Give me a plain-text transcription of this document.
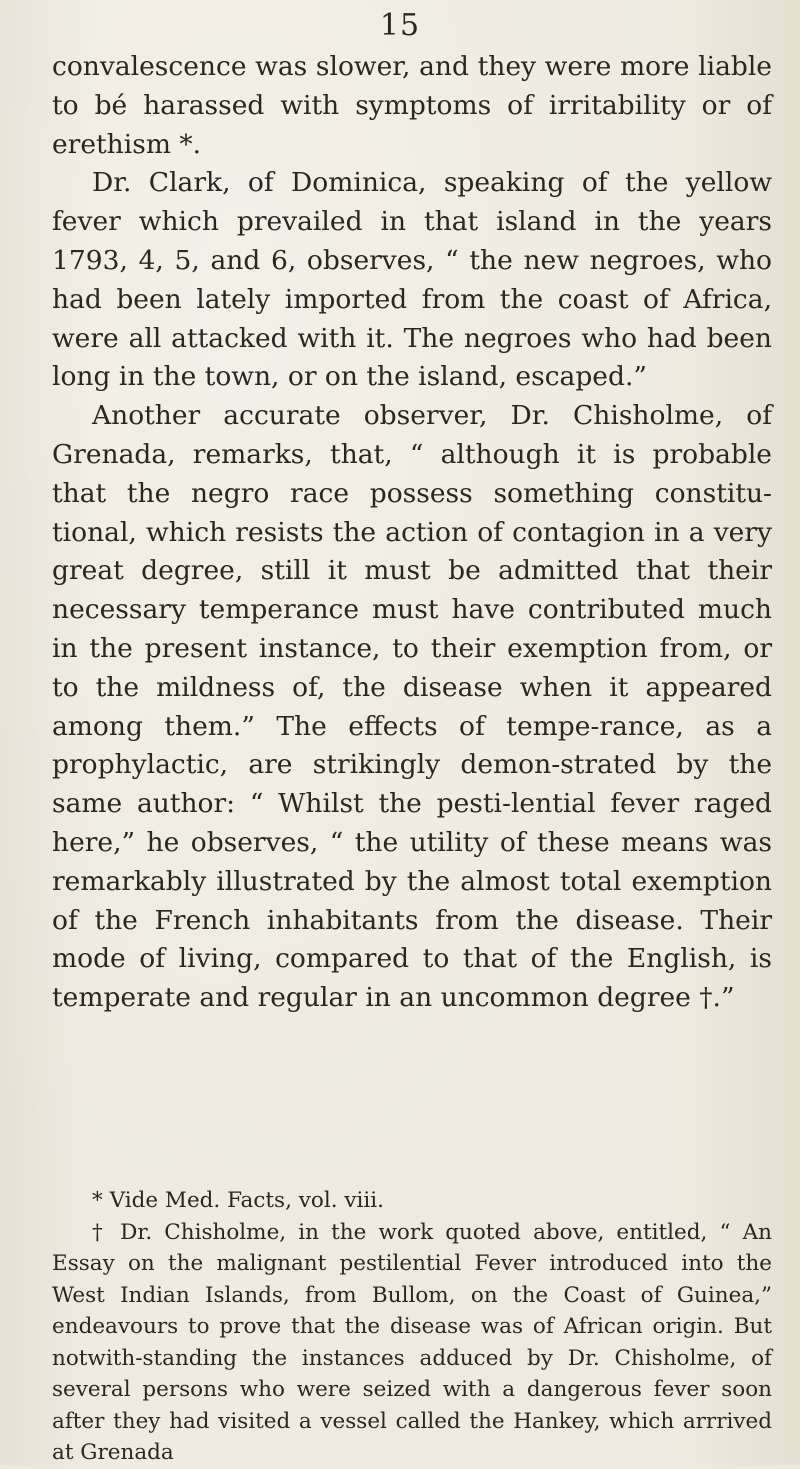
15

convalescence was slower, and they were more liable to bé harassed with symptoms of irritability or of erethism *.

Dr. Clark, of Dominica, speaking of the yellow fever which prevailed in that island in the years 1793, 4, 5, and 6, observes, “ the new negroes, who had been lately imported from the coast of Africa, were all attacked with it. The negroes who had been long in the town, or on the island, escaped.”

Another accurate observer, Dr. Chisholme, of Grenada, remarks, that, “ although it is probable that the negro race possess something constitu-tional, which resists the action of contagion in a very great degree, still it must be admitted that their necessary temperance must have contributed much in the present instance, to their exemption from, or to the mildness of, the disease when it appeared among them.” The effects of tempe-rance, as a prophylactic, are strikingly demon-strated by the same author: “ Whilst the pesti-lential fever raged here,” he observes, “ the utility of these means was remarkably illustrated by the almost total exemption of the French inhabitants from the disease. Their mode of living, compared to that of the English, is temperate and regular in an uncommon degree †.”

* Vide Med. Facts, vol. viii.

† Dr. Chisholme, in the work quoted above, entitled, “ An Essay on the malignant pestilential Fever introduced into the West Indian Islands, from Bullom, on the Coast of Guinea,” endeavours to prove that the disease was of African origin. But notwith-standing the instances adduced by Dr. Chisholme, of several persons who were seized with a dangerous fever soon after they had visited a vessel called the Hankey, which arrrived at Grenada
